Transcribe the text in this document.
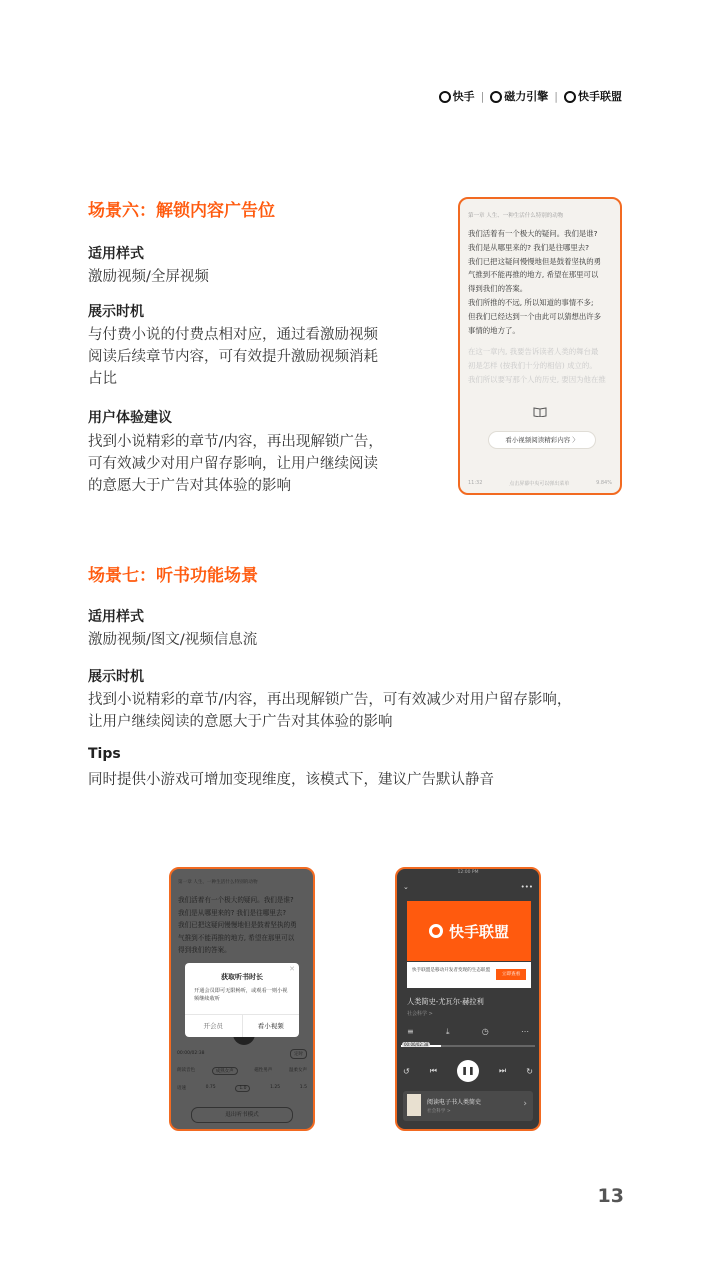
快手 |	磁力引擎 |	快手联盟
场景六：解锁内容广告位
适用样式
激励视频/全屏视频
展示时机
与付费小说的付费点相对应，通过看激励视频
阅读后续章节内容，可有效提升激励视频消耗
占比
用户体验建议
找到小说精彩的章节/内容，再出现解锁广告，
可有效减少对用户留存影响，让用户继续阅读
的意愿大于广告对其体验的影响
第一章 人生、一种生活什么特别的动物
我们活着有一个极大的疑问。我们是谁?
我们是从哪里来的? 我们是往哪里去?
我们已把这疑问慢慢地但是鼓着坚执的勇
气推到不能再推的地方, 希望在那里可以
得到我们的答案。
我们所推的不远, 所以知道的事情不多;
但我们已经达到一个由此可以猜想出许多
事情的地方了。
在这一章内, 我要告诉读者人类的舞台最
初是怎样 (按我们十分的相信) 成立的。
我们所以要写那个人的历史, 要因为他在推
看小视频阅读精彩内容 〉
11:32	点击屏幕中央可以弹出菜单	9.84%
场景七：听书功能场景
适用样式
激励视频/图文/视频信息流
展示时机
找到小说精彩的章节/内容，再出现解锁广告，可有效减少对用户留存影响，
让用户继续阅读的意愿大于广告对其体验的影响
Tips
同时提供小游戏可增加变现维度，该模式下，建议广告默认静音
第一章 人生、一种生活什么特别的动物
我们活着有一个极大的疑问。我们是谁?
我们是从哪里来的? 我们是往哪里去?
我们已把这疑问慢慢地但是鼓着坚执的勇
气推到不能再推的地方, 希望在那里可以
得到我们的答案。
✕
获取听书时长
开通会员即可无限畅听，或观看一则小视频继续收听
开会员	看小视频
00:00/02:38	定时
朗读音色	成熟女声	磁性男声	温柔女声
语速	0.75	1.0	1.25	1.5
退出听书模式
12:00 PM
⌄	•••
快手联盟
快手联盟是移动开发者变现的生态联盟
立即查看
人类简史-尤瓦尔·赫拉利
社会科学 >
≡	⤓	◷	⋯
00:00/02:38
↺	⏮	❚❚	⏭	↻
阅读电子书人类简史
社会科学 >
›
13
